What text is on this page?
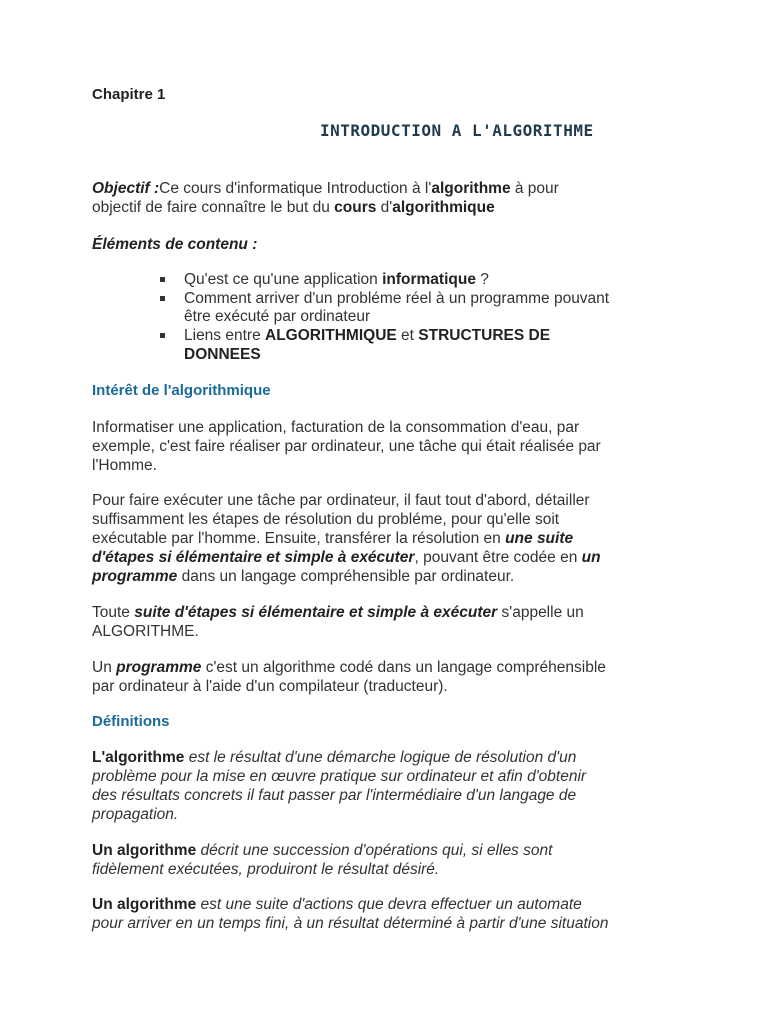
Chapitre 1
INTRODUCTION A L'ALGORITHME
Objectif :Ce cours d'informatique Introduction à l'algorithme à pour
objectif de faire connaître le but du cours d'algorithmique
Éléments de contenu :
Qu'est ce qu'une application informatique ?
Comment arriver d'un probléme réel à un programme pouvant
être exécuté par ordinateur
Liens entre ALGORITHMIQUE et STRUCTURES DE
DONNEES
Intérêt de l'algorithmique
Informatiser une application, facturation de la consommation d'eau, par
exemple, c'est faire réaliser par ordinateur, une tâche qui était réalisée par
l'Homme.
Pour faire exécuter une tâche par ordinateur, il faut tout d'abord, détailler
suffisamment les étapes de résolution du probléme, pour qu'elle soit
exécutable par l'homme. Ensuite, transférer la résolution en une suite
d'étapes si élémentaire et simple à exécuter, pouvant être codée en un
programme dans un langage compréhensible par ordinateur.
Toute suite d'étapes si élémentaire et simple à exécuter s'appelle un
ALGORITHME.
Un programme c'est un algorithme codé dans un langage compréhensible
par ordinateur à l'aide d'un compilateur (traducteur).
Définitions
L'algorithme est le résultat d'une démarche logique de résolution d'un
problème pour la mise en œuvre pratique sur ordinateur et afin d'obtenir
des résultats concrets il faut passer par l'intermédiaire d'un langage de
propagation.
Un algorithme décrit une succession d'opérations qui, si elles sont
fidèlement exécutées, produiront le résultat désiré.
Un algorithme est une suite d'actions que devra effectuer un automate
pour arriver en un temps fini, à un résultat déterminé à partir d'une situation
